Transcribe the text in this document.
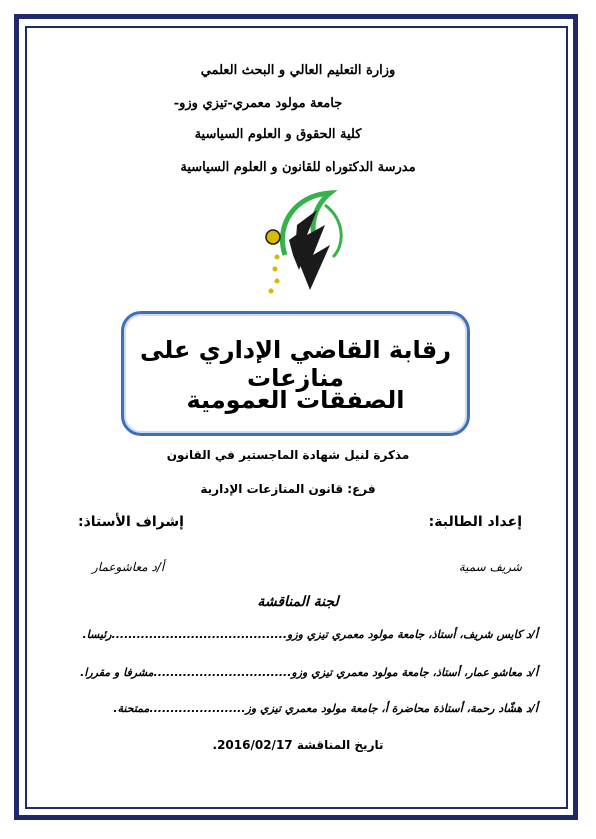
وزارة التعليم العالي و البحث العلمي
جامعة مولود معمري-تيزي وزو-
كلية الحقوق و العلوم السياسية
مدرسة الدكتوراه للقانون و العلوم السياسية
رقابة القاضي الإداري على منازعات
الصفقات العمومية
مذكرة لنيل شهادة الماجستير في القانون
فرع: قانون المنازعات الإدارية
إعداد الطالبة:
إشراف الأستاذ:
شريف سمية
أ/د معاشوعمار
لجنة المناقشة
أ/د كايس شريف، أستاذ، جامعة مولود معمري تيزي وزو..........................................رئيسا.
أ/د معاشو عمار، أستاذ، جامعة مولود معمري تيزي وزو.................................مشرفا و مقررا.
أ/د هشّاد رحمة، أستاذة محاضرة أ، جامعة مولود معمري تيزي وز.......................ممتحنة.
تاريخ المناقشة 2016/02/17.
